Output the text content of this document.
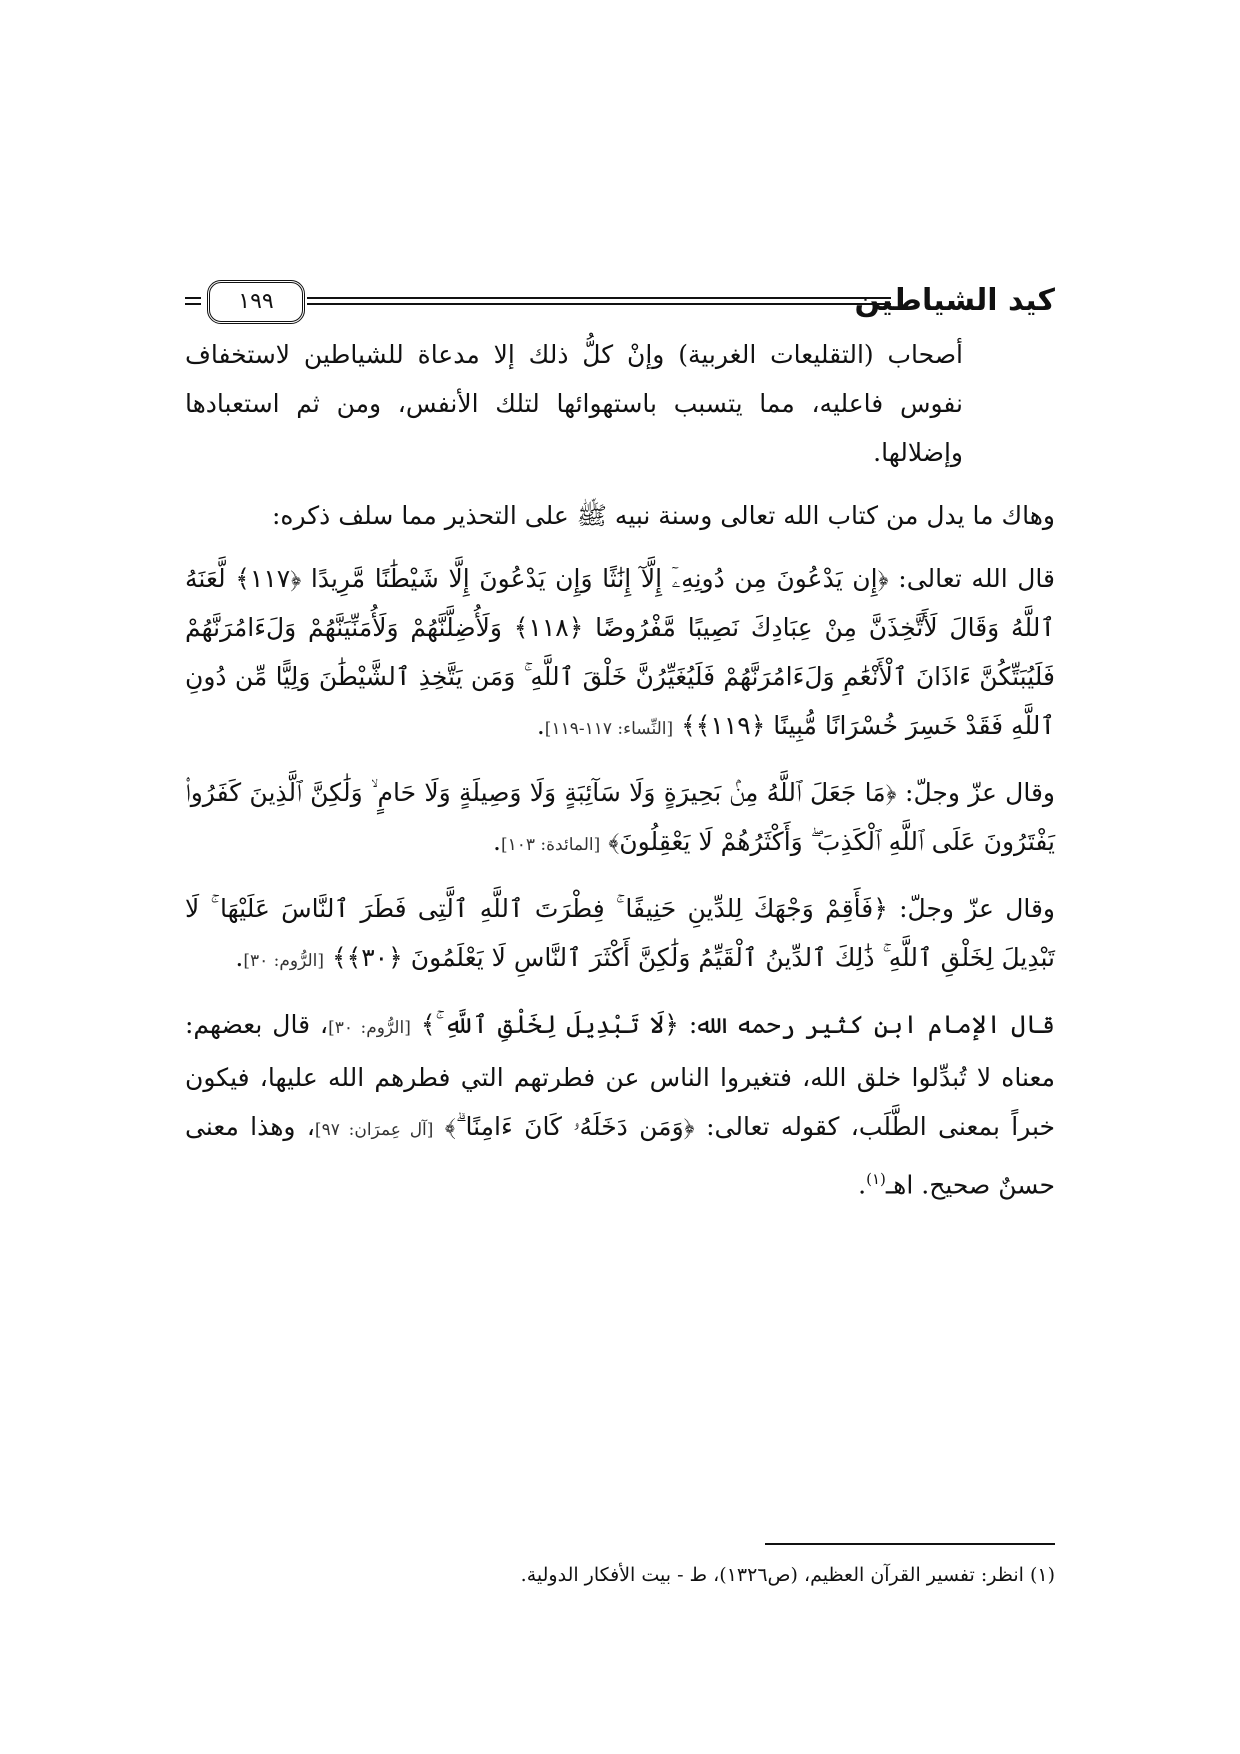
كيد الشياطين
١٩٩

أصحاب (التقليعات الغربية) وإنْ كلُّ ذلك إلا مدعاة للشياطين لاستخفاف نفوس فاعليه، مما يتسبب باستهوائها لتلك الأنفس، ومن ثم استعبادها وإضلالها.

وهاك ما يدل من كتاب الله تعالى وسنة نبيه ﷺ على التحذير مما سلف ذكره:

قال الله تعالى: ﴿إِن يَدْعُونَ مِن دُونِهِۦٓ إِلَّآ إِنَٰثًا وَإِن يَدْعُونَ إِلَّا شَيْطَٰنًا مَّرِيدًا ﴿١١٧﴾ لَّعَنَهُ ٱللَّهُ وَقَالَ لَأَتَّخِذَنَّ مِنْ عِبَادِكَ نَصِيبًا مَّفْرُوضًا ﴿١١٨﴾ وَلَأُضِلَّنَّهُمْ وَلَأُمَنِّيَنَّهُمْ وَلَءَامُرَنَّهُمْ فَلَيُبَتِّكُنَّ ءَاذَانَ ٱلْأَنْعَٰمِ وَلَءَامُرَنَّهُمْ فَلَيُغَيِّرُنَّ خَلْقَ ٱللَّهِ ۚ وَمَن يَتَّخِذِ ٱلشَّيْطَٰنَ وَلِيًّا مِّن دُونِ ٱللَّهِ فَقَدْ خَسِرَ خُسْرَانًا مُّبِينًا ﴿١١٩﴾﴾ [النِّساء: ١١٧-١١٩].

وقال عزّ وجلّ: ﴿مَا جَعَلَ ٱللَّهُ مِنۢ بَحِيرَةٍ وَلَا سَآئِبَةٍ وَلَا وَصِيلَةٍ وَلَا حَامٍ ۙ وَلَٰكِنَّ ٱلَّذِينَ كَفَرُوا۟ يَفْتَرُونَ عَلَى ٱللَّهِ ٱلْكَذِبَ ۖ وَأَكْثَرُهُمْ لَا يَعْقِلُونَ﴾ [المائدة: ١٠٣].

وقال عزّ وجلّ: ﴿فَأَقِمْ وَجْهَكَ لِلدِّينِ حَنِيفًا ۚ فِطْرَتَ ٱللَّهِ ٱلَّتِى فَطَرَ ٱلنَّاسَ عَلَيْهَا ۚ لَا تَبْدِيلَ لِخَلْقِ ٱللَّهِ ۚ ذَٰلِكَ ٱلدِّينُ ٱلْقَيِّمُ وَلَٰكِنَّ أَكْثَرَ ٱلنَّاسِ لَا يَعْلَمُونَ ﴿٣٠﴾﴾ [الرُّوم: ٣٠].

قال الإمام ابن كثير رحمه الله: ﴿لَا تَبْدِيلَ لِخَلْقِ ٱللَّهِ ۚ﴾ [الرُّوم: ٣٠]، قال بعضهم: معناه لا تُبدِّلوا خلق الله، فتغيروا الناس عن فطرتهم التي فطرهم الله عليها، فيكون خبراً بمعنى الطَّلَب، كقوله تعالى: ﴿وَمَن دَخَلَهُۥ كَانَ ءَامِنًا ۗ﴾ [آل عِمرَان: ٩٧]، وهذا معنى حسنٌ صحيح. اهـ$^{(١)}$.

(١) انظر: تفسير القرآن العظيم، (ص١٣٢٦)، ط - بيت الأفكار الدولية.
